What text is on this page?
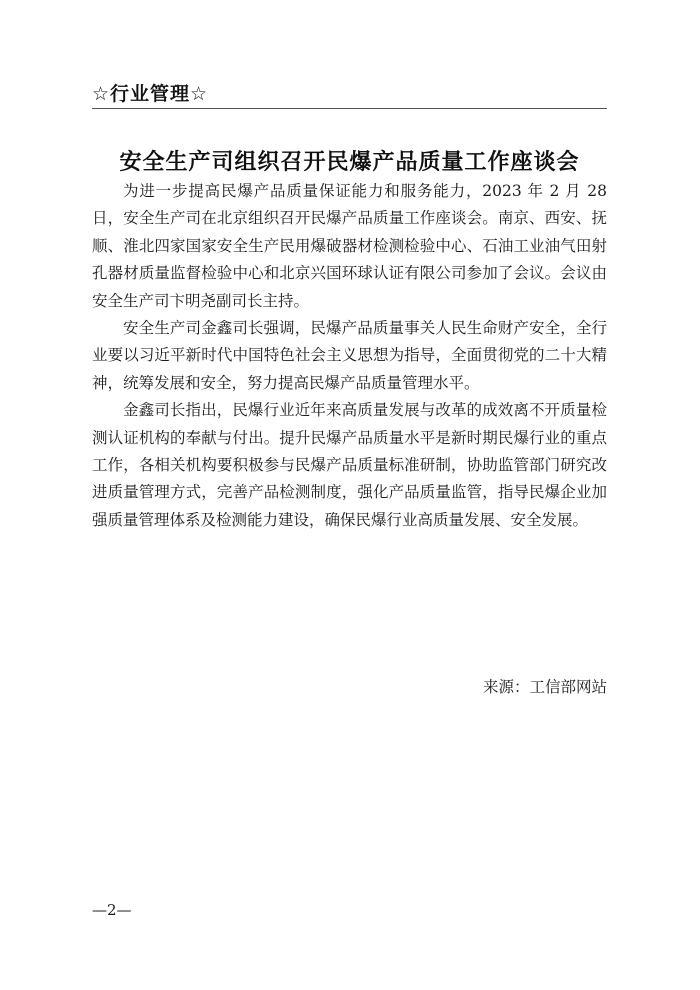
☆行业管理☆
安全生产司组织召开民爆产品质量工作座谈会

为进一步提高民爆产品质量保证能力和服务能力，2023 年 2 月 28 日，安全生产司在北京组织召开民爆产品质量工作座谈会。南京、西安、抚顺、淮北四家国家安全生产民用爆破器材检测检验中心、石油工业油气田射孔器材质量监督检验中心和北京兴国环球认证有限公司参加了会议。会议由安全生产司卞明尧副司长主持。

安全生产司金鑫司长强调，民爆产品质量事关人民生命财产安全，全行业要以习近平新时代中国特色社会主义思想为指导，全面贯彻党的二十大精神，统筹发展和安全，努力提高民爆产品质量管理水平。

金鑫司长指出，民爆行业近年来高质量发展与改革的成效离不开质量检测认证机构的奉献与付出。提升民爆产品质量水平是新时期民爆行业的重点工作，各相关机构要积极参与民爆产品质量标准研制，协助监管部门研究改进质量管理方式，完善产品检测制度，强化产品质量监管，指导民爆企业加强质量管理体系及检测能力建设，确保民爆行业高质量发展、安全发展。

来源：工信部网站
—2—
